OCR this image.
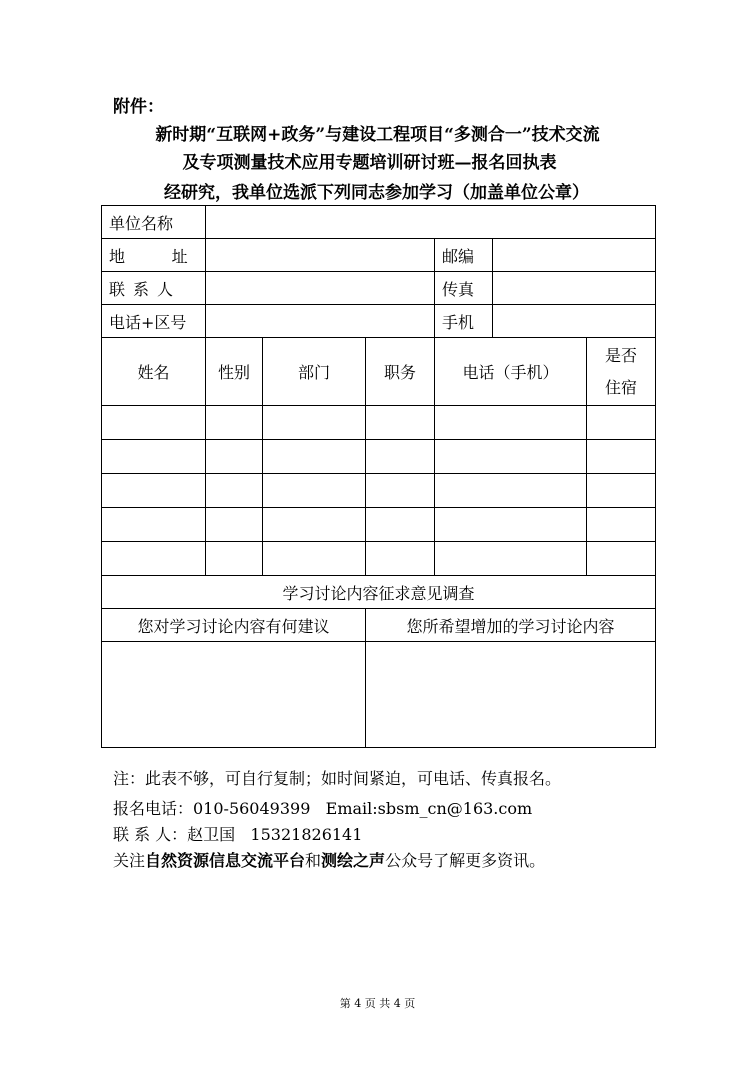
附件：
新时期“互联网+政务”与建设工程项目“多测合一”技术交流
及专项测量技术应用专题培训研讨班—报名回执表
经研究，我单位选派下列同志参加学习（加盖单位公章）
单位名称						
地 址				邮编		
联系人				传真		
电话+区号				手机		
姓名	性别	部门	职务	电话（手机）		是否住宿

学习讨论内容征求意见调查						
您对学习讨论内容有何建议			您所希望增加的学习讨论内容			

注：此表不够，可自行复制；如时间紧迫，可电话、传真报名。
报名电话：010-56049399   Email:sbsm_cn@163.com
联 系 人：赵卫国   15321826141
关注自然资源信息交流平台和测绘之声公众号了解更多资讯。
第 4 页 共 4 页
